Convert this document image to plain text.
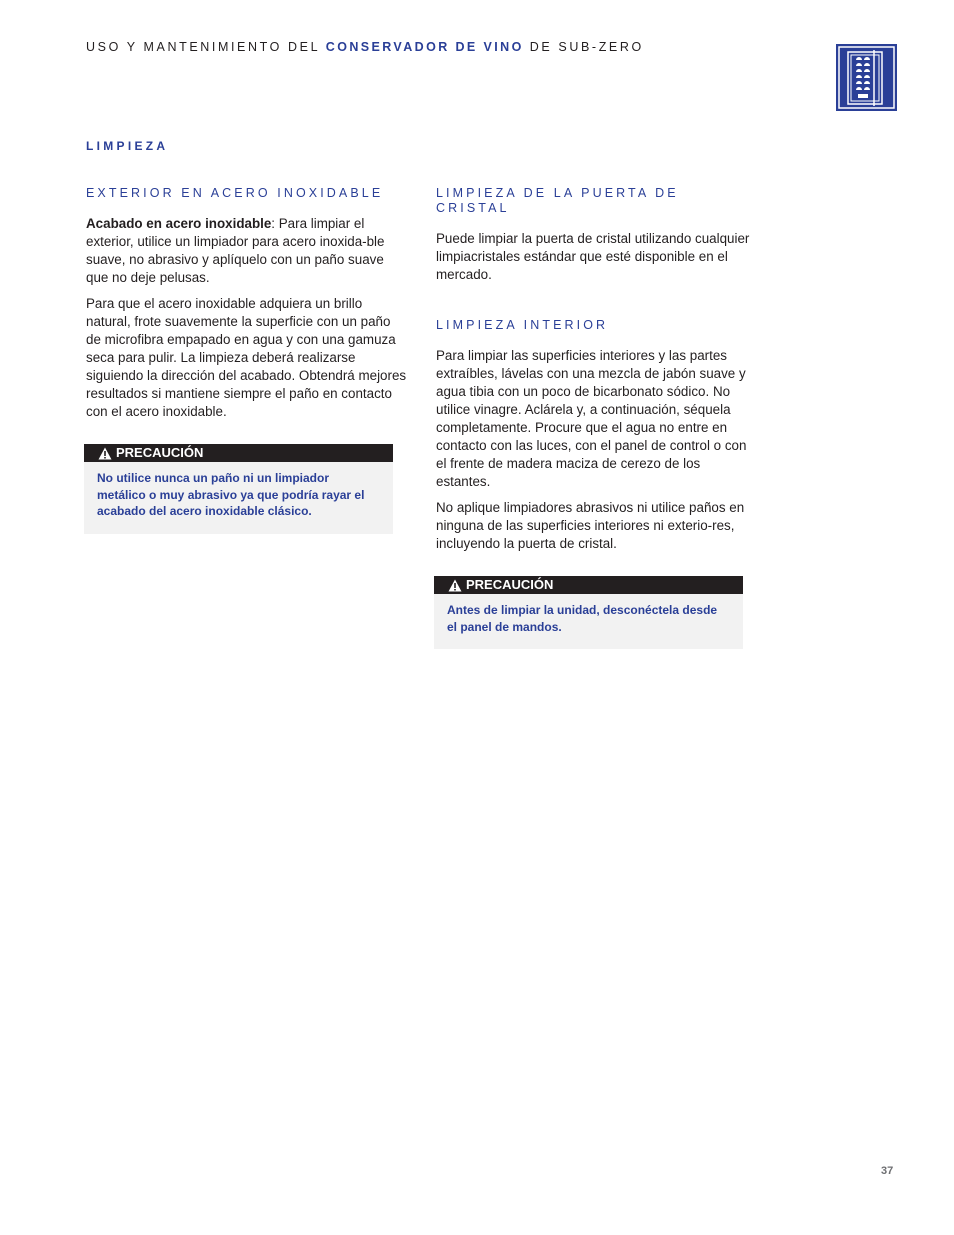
USO Y MANTENIMIENTO DEL CONSERVADOR DE VINO DE SUB-ZERO
LIMPIEZA
EXTERIOR EN ACERO INOXIDABLE

Acabado en acero inoxidable: Para limpiar el exterior, utilice un limpiador para acero inoxida-ble suave, no abrasivo y aplíquelo con un paño suave que no deje pelusas.

Para que el acero inoxidable adquiera un brillo natural, frote suavemente la superficie con un paño de microfibra empapado en agua y con una gamuza seca para pulir. La limpieza deberá realizarse siguiendo la dirección del acabado. Obtendrá mejores resultados si mantiene siempre el paño en contacto con el acero inoxidable.

PRECAUCIÓN
No utilice nunca un paño ni un limpiador metálico o muy abrasivo ya que podría rayar el acabado del acero inoxidable clásico.
LIMPIEZA DE LA PUERTA DE CRISTAL

Puede limpiar la puerta de cristal utilizando cualquier limpiacristales estándar que esté disponible en el mercado.

LIMPIEZA INTERIOR

Para limpiar las superficies interiores y las partes extraíbles, lávelas con una mezcla de jabón suave y agua tibia con un poco de bicarbonato sódico. No utilice vinagre. Aclárela y, a continuación, séquela completamente. Procure que el agua no entre en contacto con las luces, con el panel de control o con el frente de madera maciza de cerezo de los estantes.

No aplique limpiadores abrasivos ni utilice paños en ninguna de las superficies interiores ni exterio-res, incluyendo la puerta de cristal.

PRECAUCIÓN
Antes de limpiar la unidad, desconéctela desde el panel de mandos.
37
